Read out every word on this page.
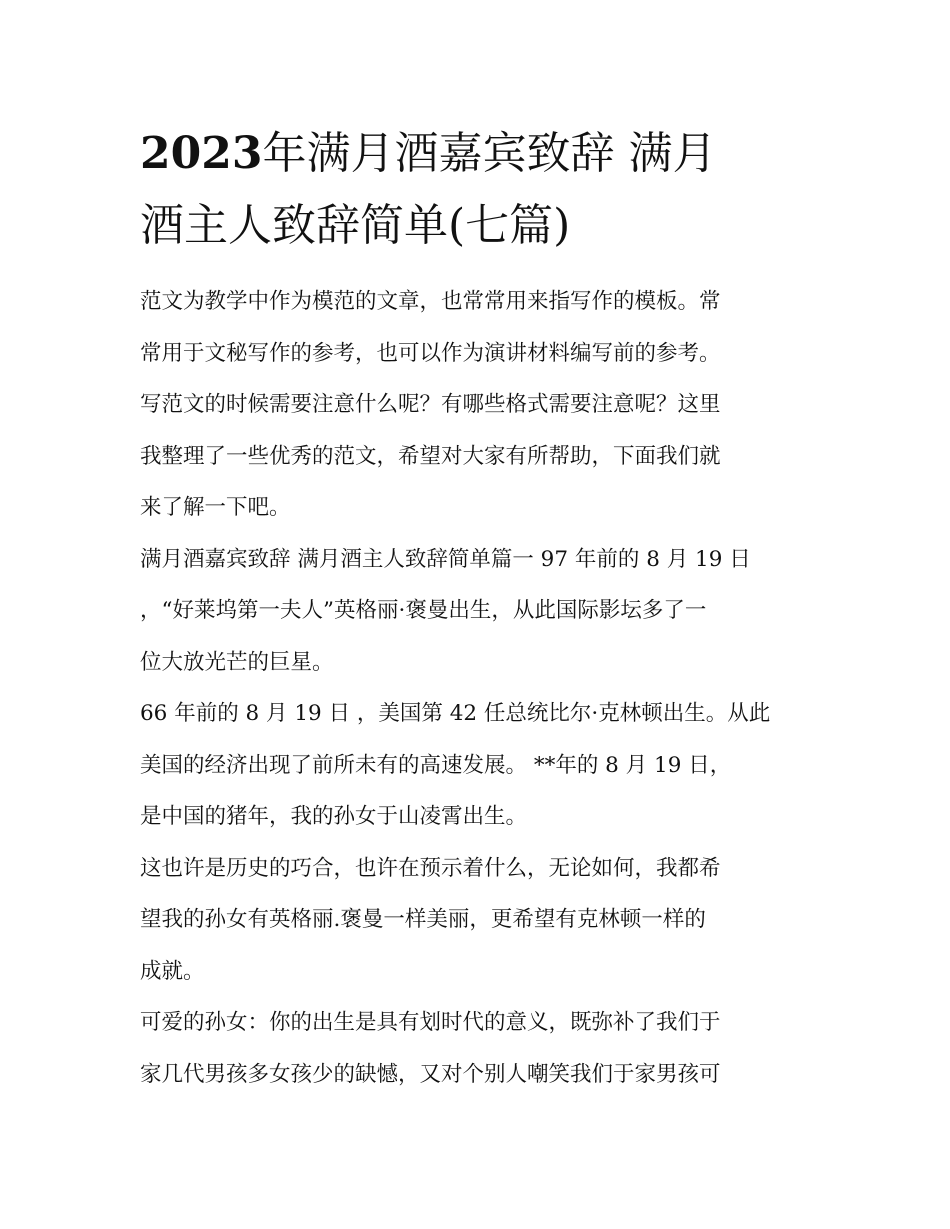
2023年满月酒嘉宾致辞 满月
酒主人致辞简单(七篇)

范文为教学中作为模范的文章，也常常用来指写作的模板。常
常用于文秘写作的参考，也可以作为演讲材料编写前的参考。
写范文的时候需要注意什么呢？有哪些格式需要注意呢？这里
我整理了一些优秀的范文，希望对大家有所帮助，下面我们就
来了解一下吧。

满月酒嘉宾致辞 满月酒主人致辞简单篇一 97 年前的 8 月 19 日
，“好莱坞第一夫人”英格丽·褒曼出生，从此国际影坛多了一
位大放光芒的巨星。

66 年前的 8 月 19 日 ，美国第 42 任总统比尔·克林顿出生。从此
美国的经济出现了前所未有的高速发展。 **年的 8 月 19 日，
是中国的猪年，我的孙女于山凌霄出生。

这也许是历史的巧合，也许在预示着什么，无论如何，我都希
望我的孙女有英格丽.褒曼一样美丽，更希望有克林顿一样的
成就。

可爱的孙女：你的出生是具有划时代的意义，既弥补了我们于
家几代男孩多女孩少的缺憾，又对个别人嘲笑我们于家男孩可
